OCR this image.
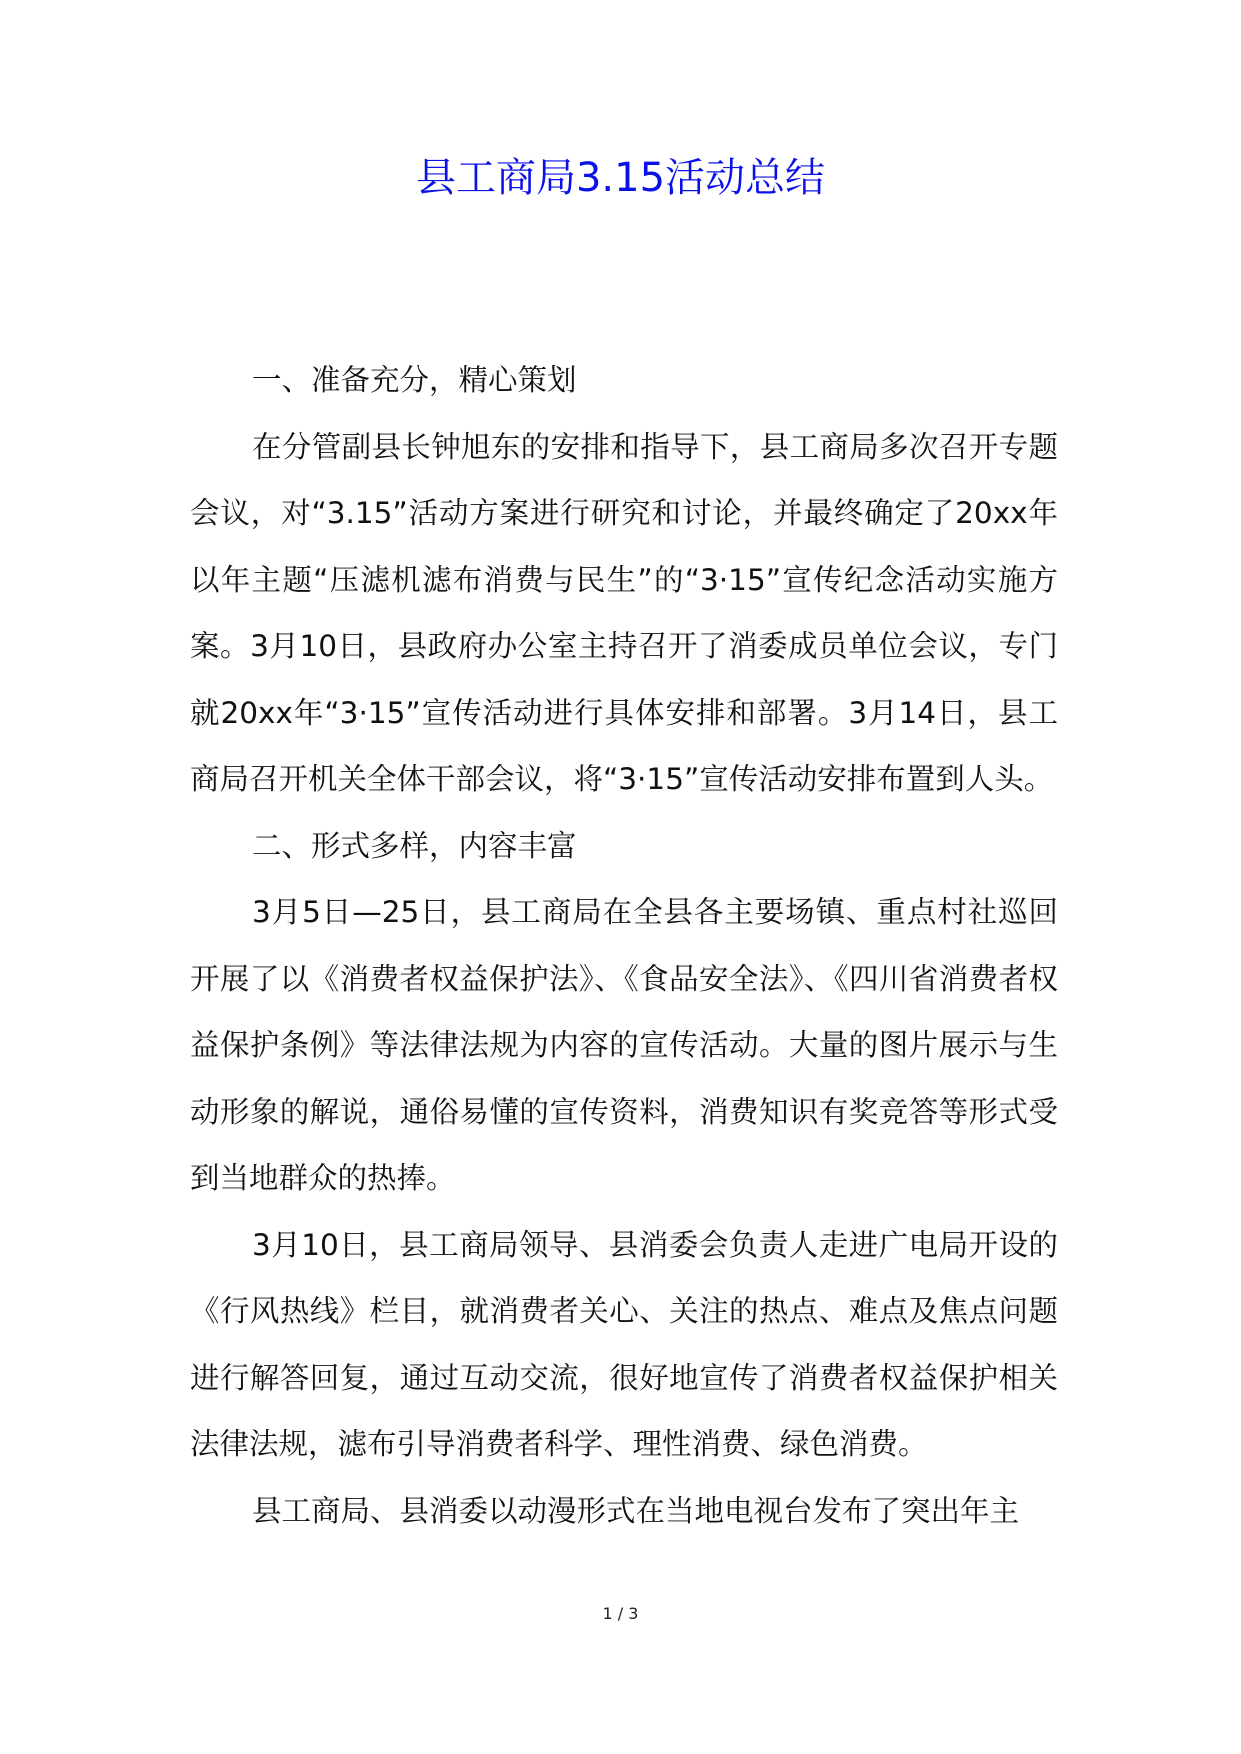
县工商局3.15活动总结

一、准备充分，精心策划

在分管副县长钟旭东的安排和指导下，县工商局多次召开专题会议，对“3.15”活动方案进行研究和讨论，并最终确定了20xx年以年主题“压滤机滤布消费与民生”的“3·15”宣传纪念活动实施方案。3月10日，县政府办公室主持召开了消委成员单位会议，专门就20xx年“3·15”宣传活动进行具体安排和部署。3月14日，县工商局召开机关全体干部会议，将“3·15”宣传活动安排布置到人头。

二、形式多样，内容丰富

3月5日—25日，县工商局在全县各主要场镇、重点村社巡回开展了以《消费者权益保护法》、《食品安全法》、《四川省消费者权益保护条例》等法律法规为内容的宣传活动。大量的图片展示与生动形象的解说，通俗易懂的宣传资料，消费知识有奖竞答等形式受到当地群众的热捧。

3月10日，县工商局领导、县消委会负责人走进广电局开设的《行风热线》栏目，就消费者关心、关注的热点、难点及焦点问题进行解答回复，通过互动交流，很好地宣传了消费者权益保护相关法律法规，滤布引导消费者科学、理性消费、绿色消费。

县工商局、县消委以动漫形式在当地电视台发布了突出年主

1 / 3
